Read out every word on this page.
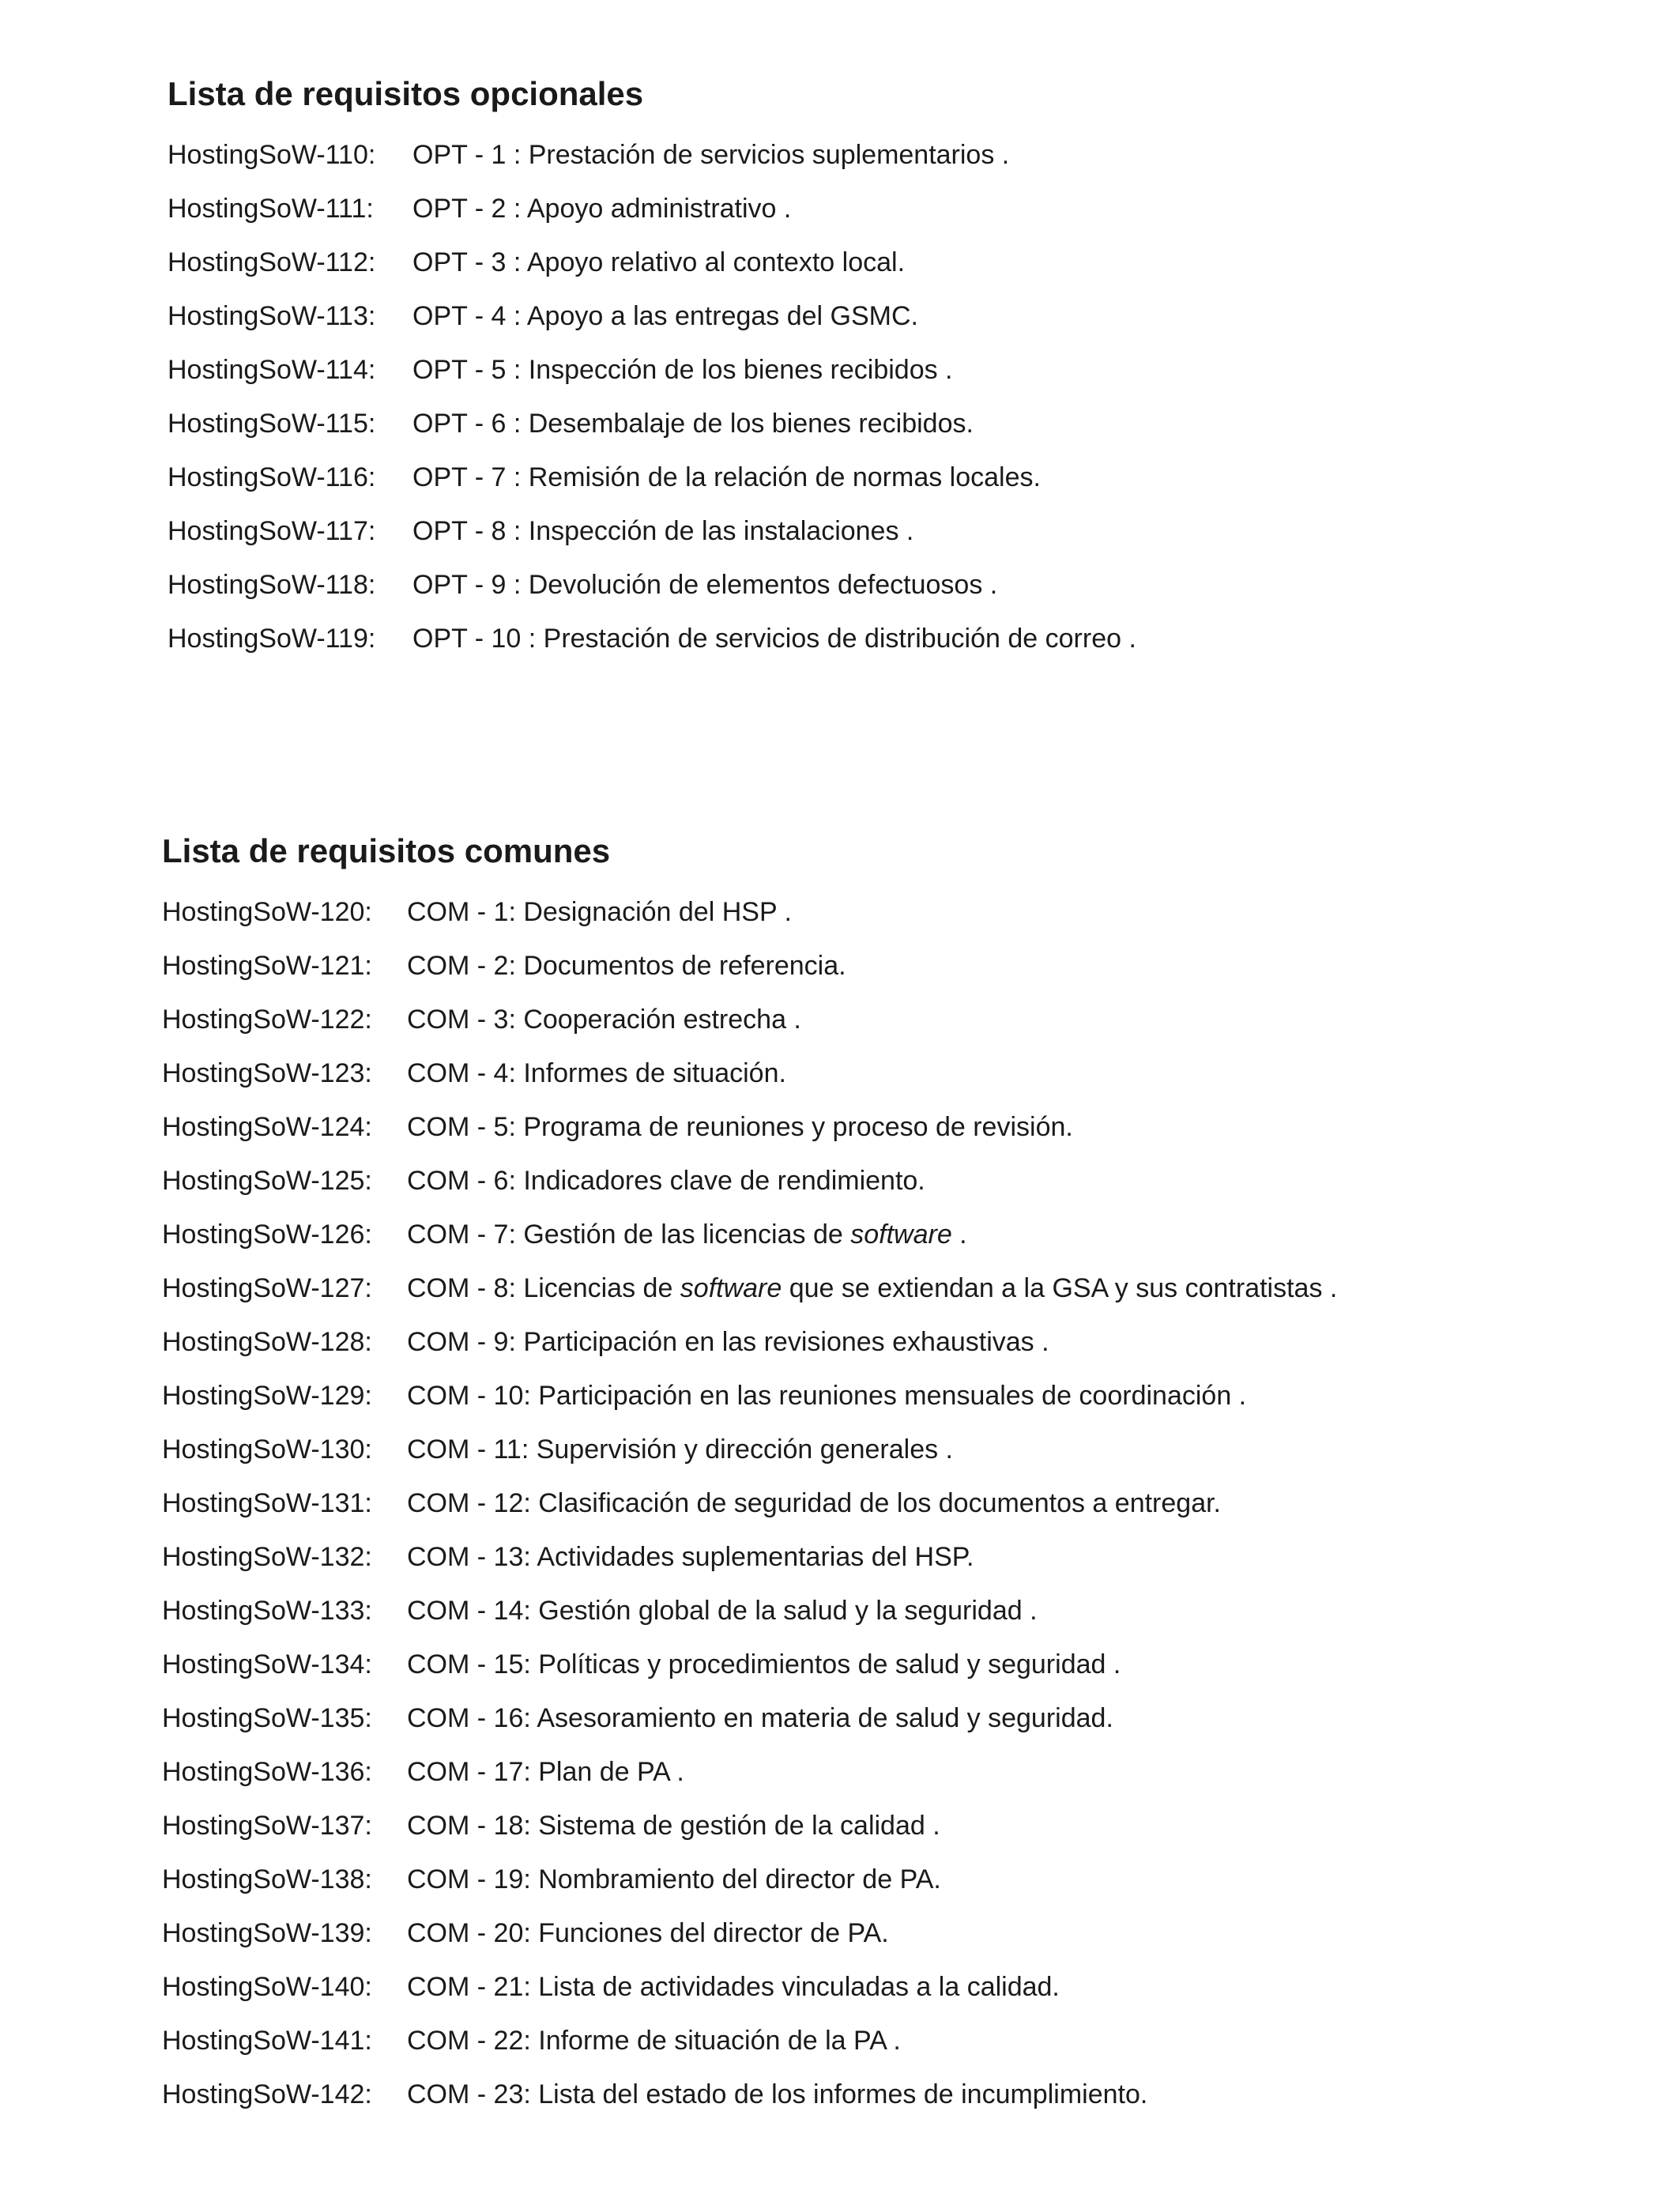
Lista de requisitos opcionales
HostingSoW-110:	OPT - 1 : Prestación de servicios suplementarios .
HostingSoW-111:	OPT - 2 : Apoyo administrativo .
HostingSoW-112:	OPT - 3 : Apoyo relativo al contexto local.
HostingSoW-113:	OPT - 4 : Apoyo a las entregas del GSMC.
HostingSoW-114:	OPT - 5 : Inspección de los bienes recibidos .
HostingSoW-115:	OPT - 6 : Desembalaje de los bienes recibidos.
HostingSoW-116:	OPT - 7 : Remisión de la relación de normas locales.
HostingSoW-117:	OPT - 8 : Inspección de las instalaciones .
HostingSoW-118:	OPT - 9 : Devolución de elementos defectuosos .
HostingSoW-119:	OPT - 10 : Prestación de servicios de distribución de correo .
Lista de requisitos comunes
HostingSoW-120:	COM - 1: Designación del HSP .
HostingSoW-121:	COM - 2: Documentos de referencia.
HostingSoW-122:	COM - 3: Cooperación estrecha .
HostingSoW-123:	COM - 4: Informes de situación.
HostingSoW-124:	COM - 5: Programa de reuniones y proceso de revisión.
HostingSoW-125:	COM - 6: Indicadores clave de rendimiento.
HostingSoW-126:	COM - 7: Gestión de las licencias de software .
HostingSoW-127:	COM - 8: Licencias de software que se extiendan a la GSA y sus contratistas .
HostingSoW-128:	COM - 9: Participación en las revisiones exhaustivas .
HostingSoW-129:	COM - 10: Participación en las reuniones mensuales de coordinación .
HostingSoW-130:	COM - 11: Supervisión y dirección generales .
HostingSoW-131:	COM - 12: Clasificación de seguridad de los documentos a entregar.
HostingSoW-132:	COM - 13: Actividades suplementarias del HSP.
HostingSoW-133:	COM - 14: Gestión global de la salud y la seguridad .
HostingSoW-134:	COM - 15: Políticas y procedimientos de salud y seguridad .
HostingSoW-135:	COM - 16: Asesoramiento en materia de salud y seguridad.
HostingSoW-136:	COM - 17: Plan de PA .
HostingSoW-137:	COM - 18: Sistema de gestión de la calidad .
HostingSoW-138:	COM - 19: Nombramiento del director de PA.
HostingSoW-139:	COM - 20: Funciones del director de PA.
HostingSoW-140:	COM - 21: Lista de actividades vinculadas a la calidad.
HostingSoW-141:	COM - 22: Informe de situación de la PA .
HostingSoW-142:	COM - 23: Lista del estado de los informes de incumplimiento.
